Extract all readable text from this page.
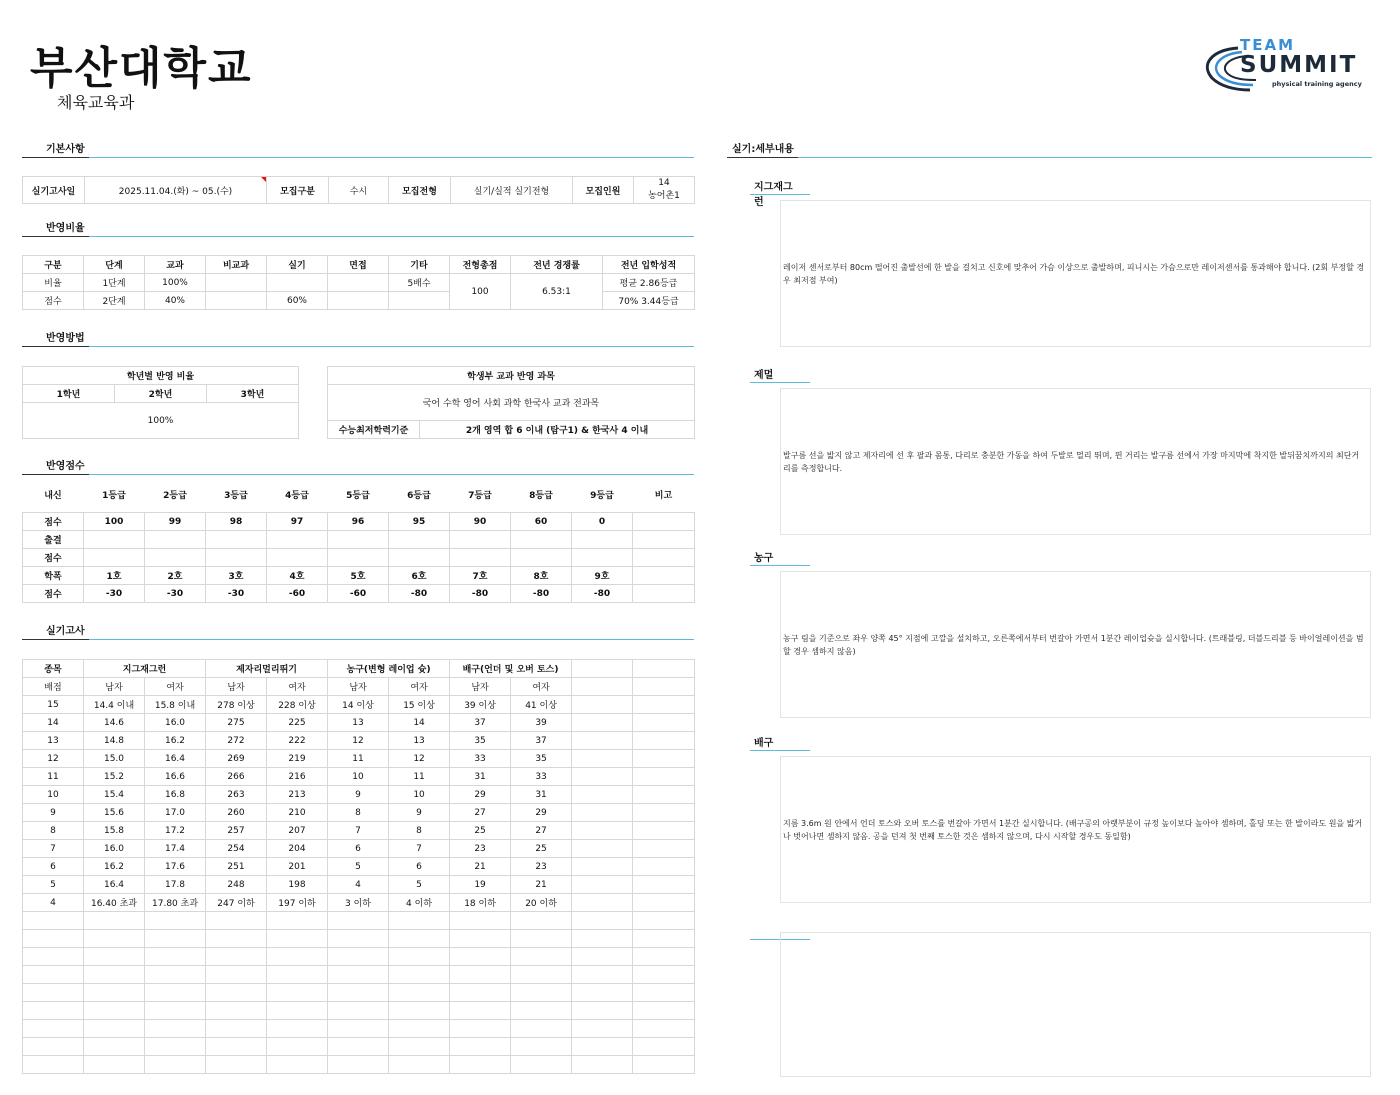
부산대학교
체육교육과
TEAM
SUMMIT
physical training agency
기본사항
반영비율
반영방법
반영점수
실기고사
실기:세부내용
실기고사일	2025.11.04.(화) ~ 05.(수)	모집구분	수시	모집전형	실기/실적 실기전형	모집인원	
14
농어촌1
구분	단계	교과	비교과	실기	면접	기타	전형총점	전년 경쟁률	전년 입학성적
비율	1단계	100%				5배수	100	6.53:1	평균 2.86등급
점수	2단계	40%		60%					70% 3.44등급
학년별 반영 비율
1학년	2학년	3학년
100%
학생부 교과 반영 과목
국어 수학 영어 사회 과학 한국사 교과 전과목
수능최저학력기준	2개 영역 합 6 이내 (탐구1) & 한국사 4 이내
내신	1등급	2등급	3등급	4등급	5등급	6등급	7등급	8등급	9등급	비고

점수	100	99	98	97	96	95	90	60	0	
출결										
점수										
학폭	1호	2호	3호	4호	5호	6호	7호	8호	9호	
점수	-30	-30	-30	-60	-60	-80	-80	-80	-80	
종목	지그재그런		제자리멀리뛰기		농구(변형 레이업 슛)		배구(언더 및 오버 토스)			
배점	남자	여자	남자	여자	남자	여자	남자	여자		
15	14.4 이내	15.8 이내	278 이상	228 이상	14 이상	15 이상	39 이상	41 이상		
14	14.6	16.0	275	225	13	14	37	39		
13	14.8	16.2	272	222	12	13	35	37		
12	15.0	16.4	269	219	11	12	33	35		
11	15.2	16.6	266	216	10	11	31	33		
10	15.4	16.8	263	213	9	10	29	31		
9	15.6	17.0	260	210	8	9	27	29		
8	15.8	17.2	257	207	7	8	25	27		
7	16.0	17.4	254	204	6	7	23	25		
6	16.2	17.6	251	201	5	6	21	23		
5	16.4	17.8	248	198	4	5	19	21		
4	16.40 초과	17.80 초과	247 이하	197 이하	3 이하	4 이하	18 이하	20 이하		

지그재그런
레이저 센서로부터 80cm 떨어진 출발선에 한 발을 걸치고 신호에 맞추어 가슴 이상으로 출발하며, 피니시는 가슴으로만 레이저센서를 통과해야 합니다. (2회 부정할 경우 최저점 부여)
제멀
발구름 선을 밟지 않고 제자리에 선 후 팔과 몸통, 다리로 충분한 가동을 하여 두발로 멀리 뛰며, 뛴 거리는 발구름 선에서 가장 마지막에 착지한 발뒤꿈치까지의 최단거리를 측정합니다.
농구
농구 림을 기준으로 좌우 양쪽 45° 지점에 고깔을 설치하고, 오른쪽에서부터 번갈아 가면서 1분간 레이업슛을 실시합니다. (트래블링, 더블드리블 등 바이얼레이션을 범할 경우 셈하지 않음)
배구
지름 3.6m 원 안에서 언더 토스와 오버 토스를 번갈아 가면서 1분간 실시합니다. (배구공의 아랫부분이 규정 높이보다 높아야 셈하며, 홀딩 또는 한 발이라도 원을 밟거나 벗어나면 셈하지 않음. 공을 던져 첫 번째 토스한 것은 셈하지 않으며, 다시 시작할 경우도 동일함)
